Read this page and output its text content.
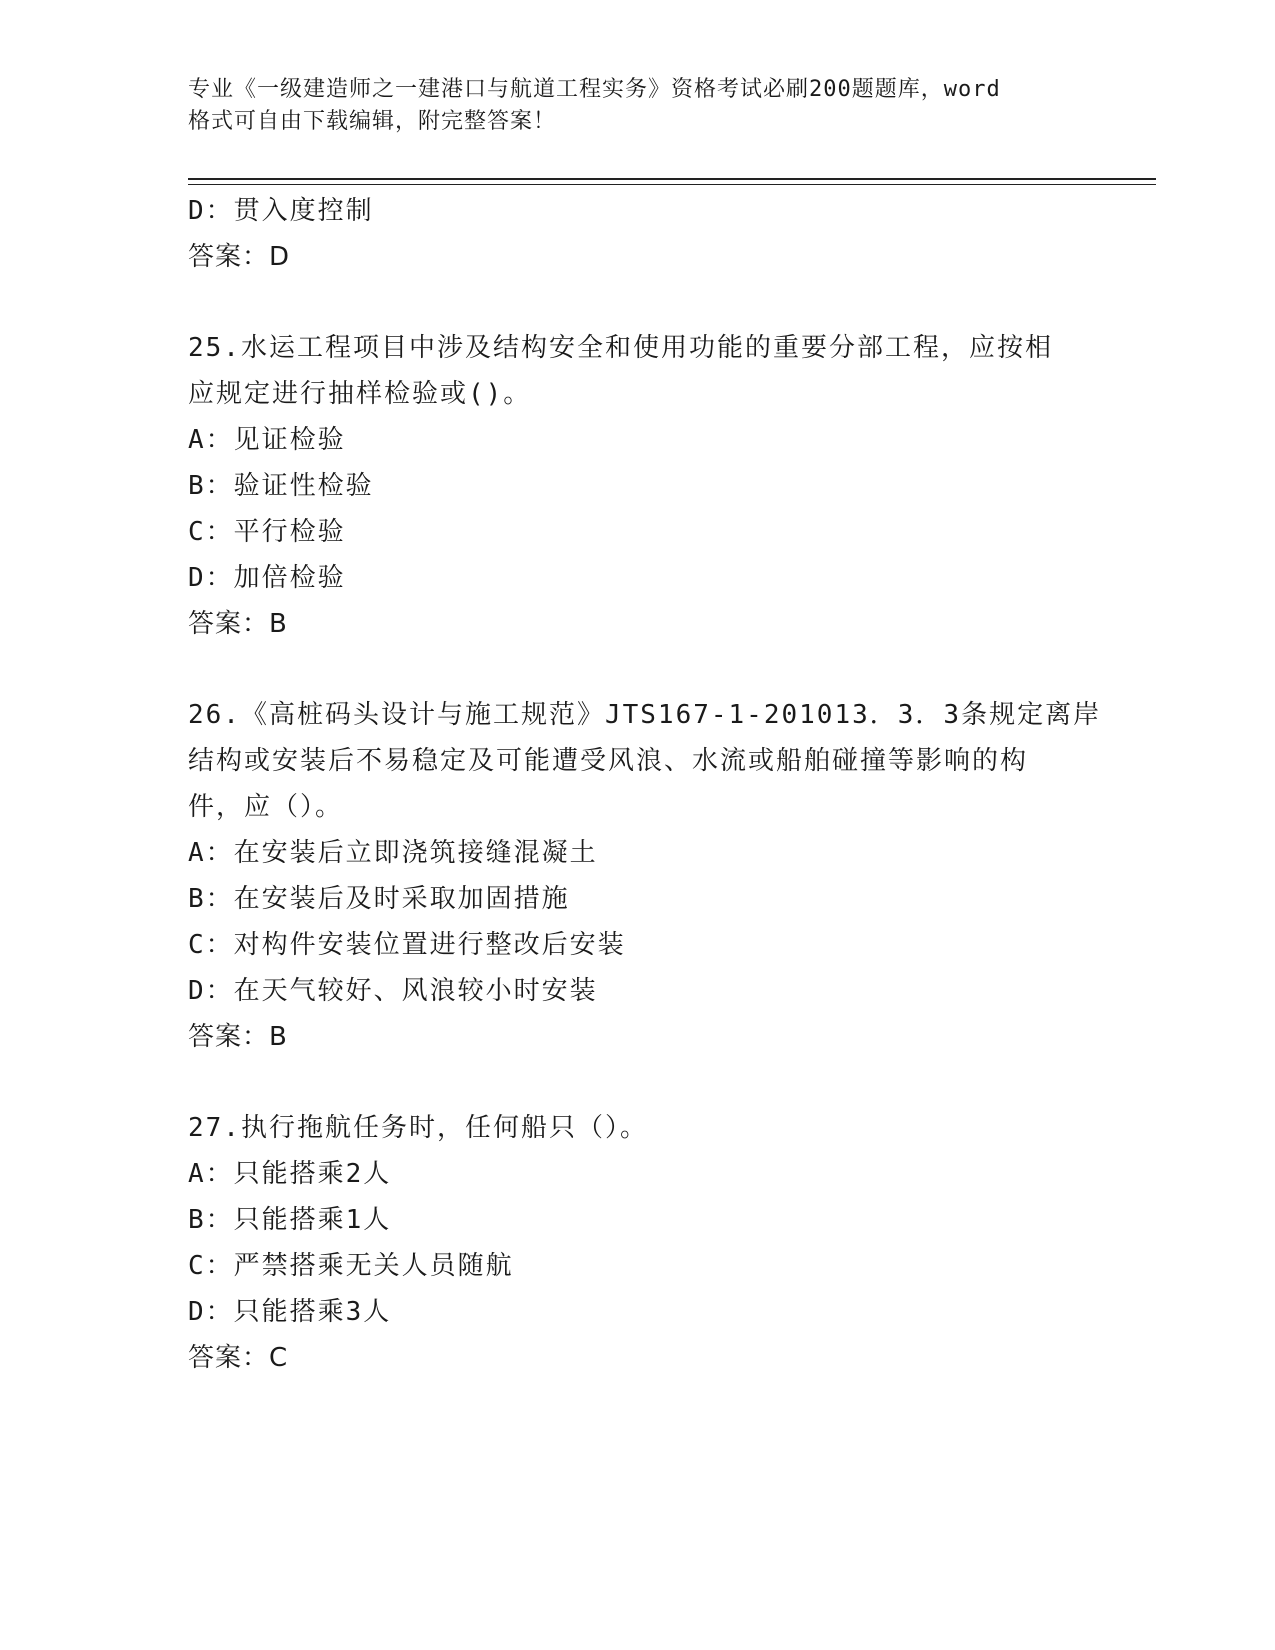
专业《一级建造师之一建港口与航道工程实务》资格考试必刷200题题库，word
格式可自由下载编辑，附完整答案！
D：贯入度控制
答案：D
25.水运工程项目中涉及结构安全和使用功能的重要分部工程，应按相
应规定进行抽样检验或()。
A：见证检验
B：验证性检验
C：平行检验
D：加倍检验
答案：B
26.《高桩码头设计与施工规范》JTS167-1-201013．3．3条规定离岸
结构或安装后不易稳定及可能遭受风浪、水流或船舶碰撞等影响的构
件，应（）。
A：在安装后立即浇筑接缝混凝土
B：在安装后及时采取加固措施
C：对构件安装位置进行整改后安装
D：在天气较好、风浪较小时安装
答案：B
27.执行拖航任务时，任何船只（）。
A：只能搭乘2人
B：只能搭乘1人
C：严禁搭乘无关人员随航
D：只能搭乘3人
答案：C
